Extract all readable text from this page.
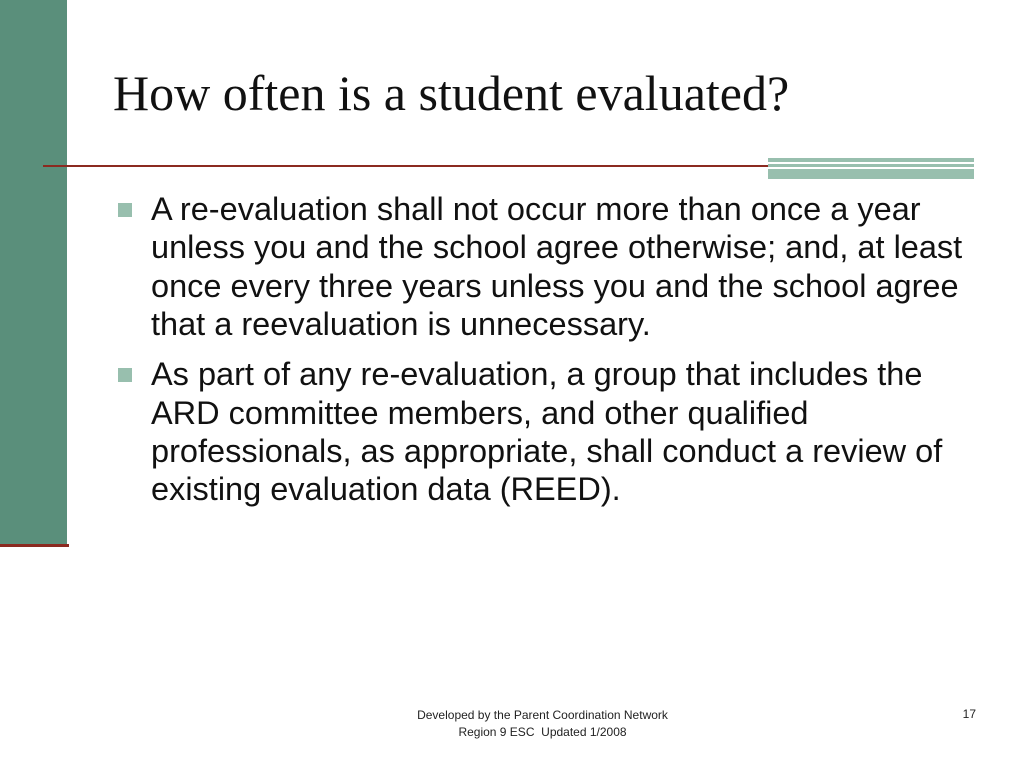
How often is a student evaluated?
A re-evaluation shall not occur more than once a year unless you and the school agree otherwise; and, at least once every three years unless you and the school agree that a reevaluation is unnecessary.
As part of any re-evaluation, a group that includes the ARD committee members, and other qualified professionals, as appropriate, shall conduct a review of existing evaluation data (REED).
Developed by the Parent Coordination Network
Region 9 ESC  Updated 1/2008
17
